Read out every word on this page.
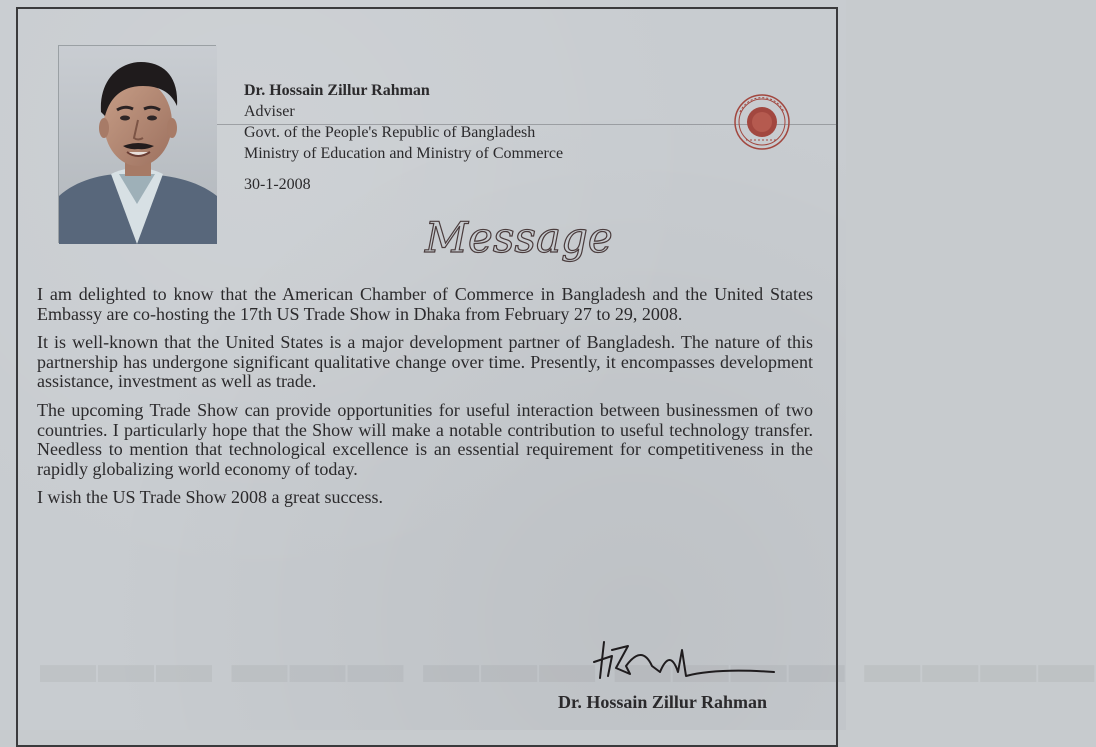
▬▬▬ ▬▬▬ ▬▬▬ ▬▬▬▬ ▬▬▬▬
Dr. Hossain Zillur Rahman
Adviser
Govt. of the People's Republic of Bangladesh
Ministry of Education and Ministry of Commerce
30-1-2008
Message

I am delighted to know that the American Chamber of Commerce in Bangladesh and the United States Embassy are co-hosting the 17th US Trade Show in Dhaka from February 27 to 29, 2008.

It is well-known that the United States is a major development partner of Bangladesh. The nature of this partnership has undergone significant qualitative change over time. Presently, it encompasses development assistance, investment as well as trade.

The upcoming Trade Show can provide opportunities for useful interaction between businessmen of two countries. I particularly hope that the Show will make a notable contribution to useful technology transfer. Needless to mention that technological excellence is an essential requirement for competitiveness in the rapidly globalizing world economy of today.

I wish the US Trade Show 2008 a great success.

Dr. Hossain Zillur Rahman
